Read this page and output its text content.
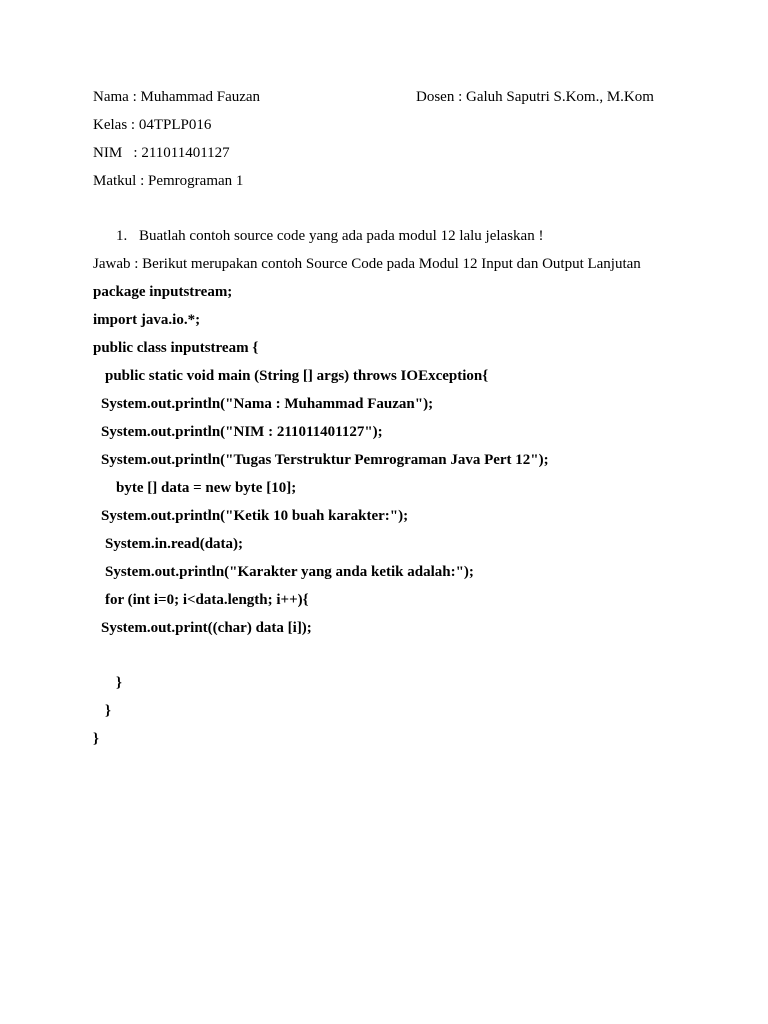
Nama : Muhammad Fauzan	Dosen : Galuh Saputri S.Kom., M.Kom
Kelas : 04TPLP016
NIM   : 211011401127
Matkul : Pemrograman 1
1. Buatlah contoh source code yang ada pada modul 12 lalu jelaskan !
Jawab : Berikut merupakan contoh Source Code pada Modul 12 Input dan Output Lanjutan
package inputstream;
import java.io.*;
public class inputstream {
public static void main (String [] args) throws IOException{
System.out.println("Nama : Muhammad Fauzan");
System.out.println("NIM : 211011401127");
System.out.println("Tugas Terstruktur Pemrograman Java Pert 12");
byte [] data = new byte [10];
System.out.println("Ketik 10 buah karakter:");
System.in.read(data);
System.out.println("Karakter yang anda ketik adalah:");
for (int i=0; i<data.length; i++){
System.out.print((char) data [i]);
}
}
}
